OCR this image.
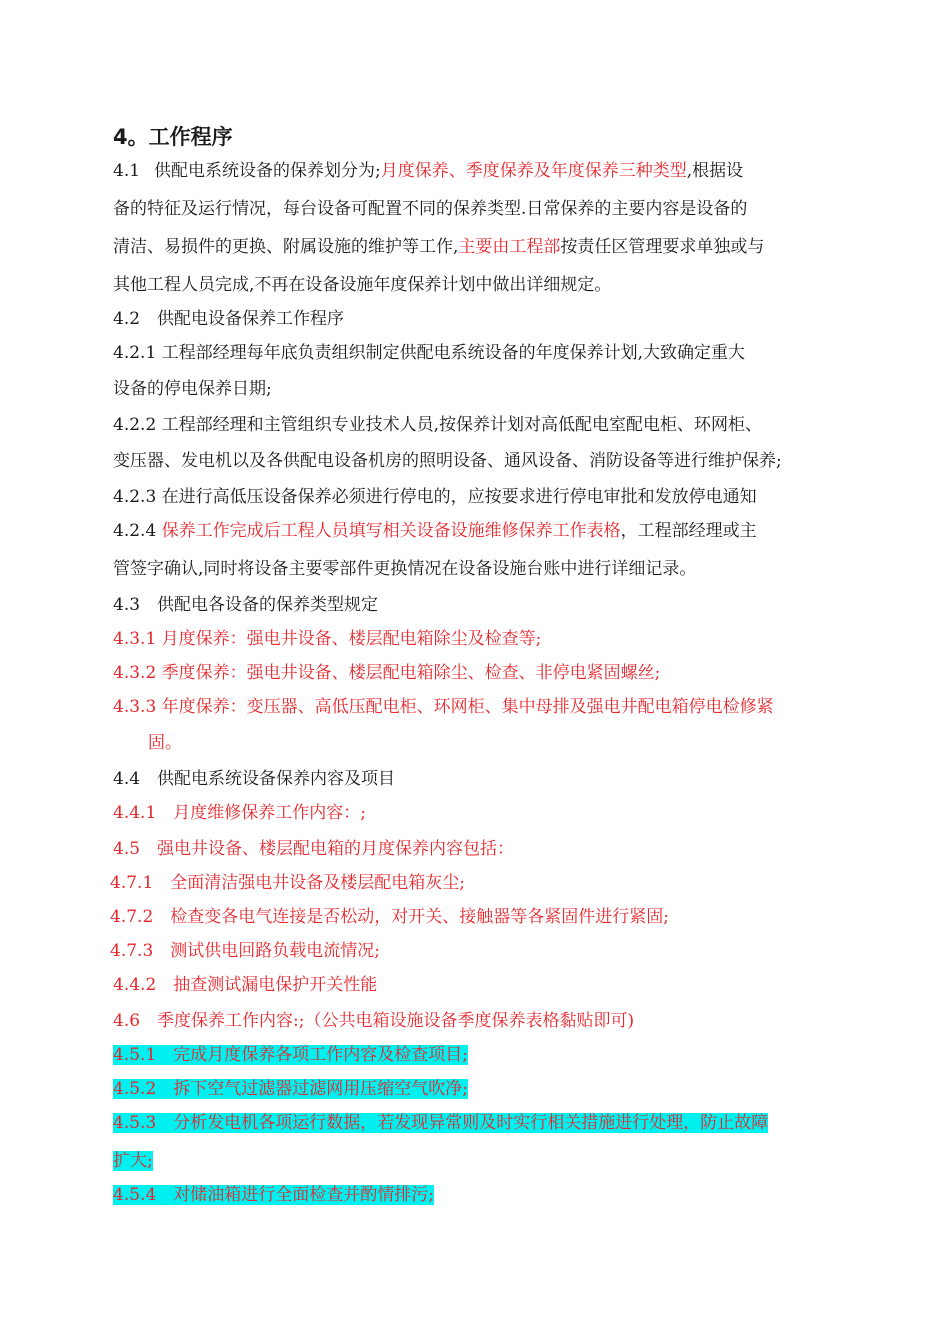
4。工作程序
4.1 供配电系统设备的保养划分为;月度保养、季度保养及年度保养三种类型,根据设
备的特征及运行情况，每台设备可配置不同的保养类型.日常保养的主要内容是设备的
清洁、易损件的更换、附属设施的维护等工作,主要由工程部按责任区管理要求单独或与
其他工程人员完成,不再在设备设施年度保养计划中做出详细规定。
4.2　供配电设备保养工作程序
4.2.1 工程部经理每年底负责组织制定供配电系统设备的年度保养计划,大致确定重大
设备的停电保养日期;
4.2.2 工程部经理和主管组织专业技术人员,按保养计划对高低配电室配电柜、环网柜、
变压器、发电机以及各供配电设备机房的照明设备、通风设备、消防设备等进行维护保养;
4.2.3 在进行高低压设备保养必须进行停电的，应按要求进行停电审批和发放停电通知
4.2.4 保养工作完成后工程人员填写相关设备设施维修保养工作表格，工程部经理或主
管签字确认,同时将设备主要零部件更换情况在设备设施台账中进行详细记录。
4.3　供配电各设备的保养类型规定
4.3.1 月度保养：强电井设备、楼层配电箱除尘及检查等;
4.3.2 季度保养：强电井设备、楼层配电箱除尘、检查、非停电紧固螺丝;
4.3.3 年度保养：变压器、高低压配电柜、环网柜、集中母排及强电井配电箱停电检修紧
固。
4.4　供配电系统设备保养内容及项目
4.4.1　月度维修保养工作内容：;
4.5　强电井设备、楼层配电箱的月度保养内容包括：
4.7.1　全面清洁强电井设备及楼层配电箱灰尘;
4.7.2　检查变各电气连接是否松动，对开关、接触器等各紧固件进行紧固;
4.7.3　测试供电回路负载电流情况;
4.4.2　抽查测试漏电保护开关性能
4.6　季度保养工作内容:;（公共电箱设施设备季度保养表格黏贴即可)
4.5.1　完成月度保养各项工作内容及检查项目;
4.5.2　拆下空气过滤器过滤网用压缩空气吹净;
4.5.3　分析发电机各项运行数据，若发现异常则及时实行相关措施进行处理，防止故障
扩大;
4.5.4　对储油箱进行全面检查并酌情排污;
